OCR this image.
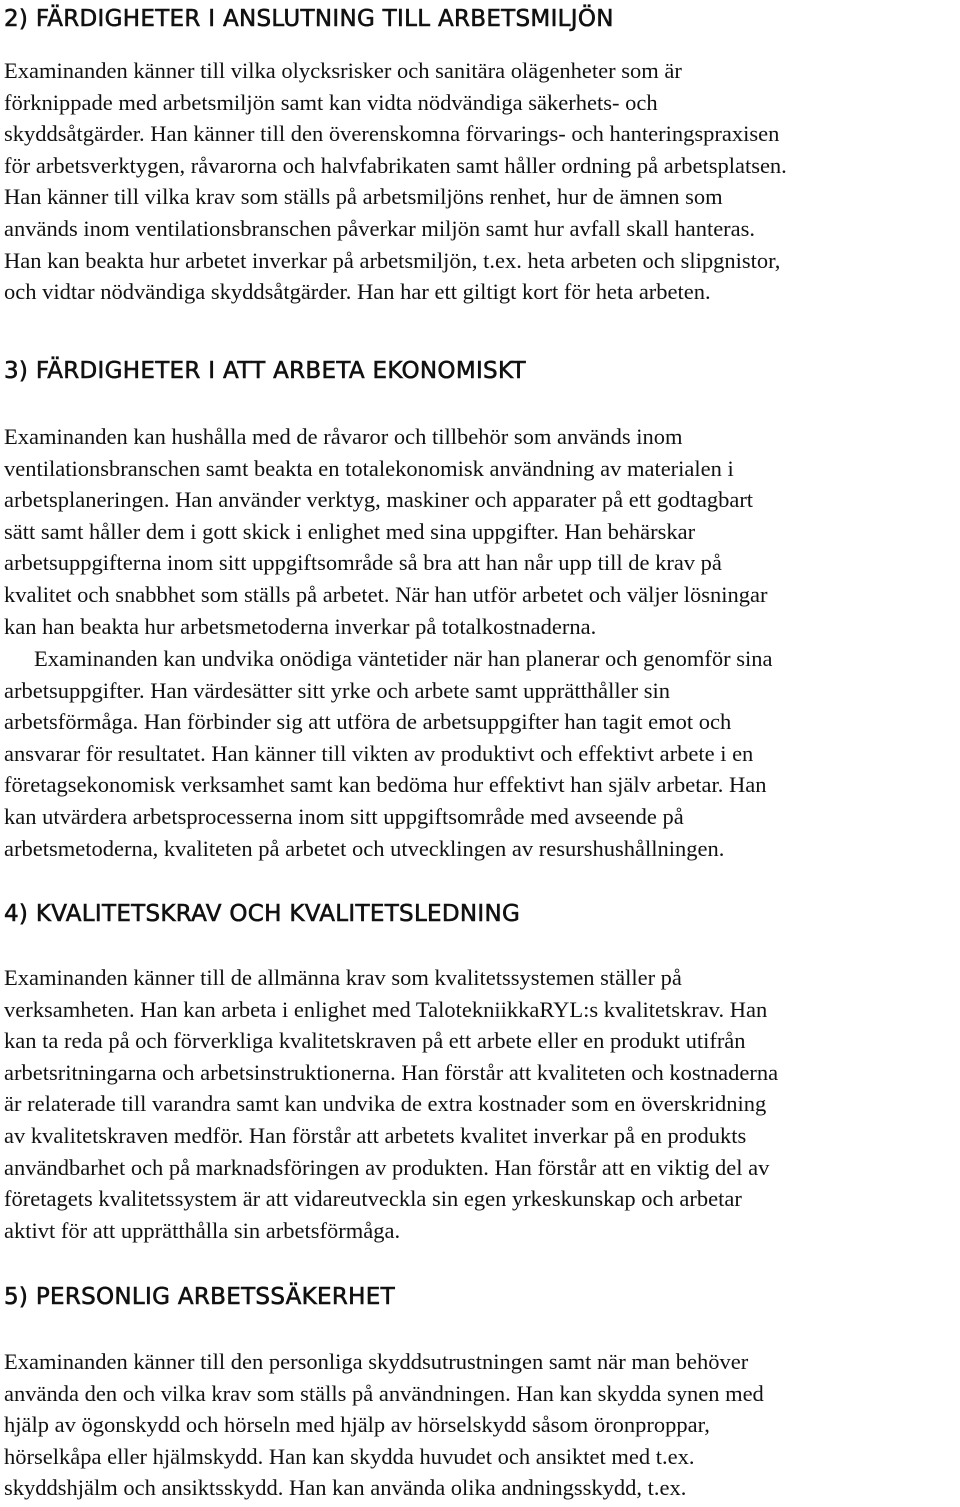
2) FÄRDIGHETER I ANSLUTNING TILL ARBETSMILJÖN

Examinanden känner till vilka olycksrisker och sanitära olägenheter som är
förknippade med arbetsmiljön samt kan vidta nödvändiga säkerhets- och
skyddsåtgärder. Han känner till den överenskomna förvarings- och hanteringspraxisen
för arbetsverktygen, råvarorna och halvfabrikaten samt håller ordning på arbetsplatsen.
Han känner till vilka krav som ställs på arbetsmiljöns renhet, hur de ämnen som
används inom ventilationsbranschen påverkar miljön samt hur avfall skall hanteras.
Han kan beakta hur arbetet inverkar på arbetsmiljön, t.ex. heta arbeten och slipgnistor,
och vidtar nödvändiga skyddsåtgärder. Han har ett giltigt kort för heta arbeten.

3) FÄRDIGHETER I ATT ARBETA EKONOMISKT

Examinanden kan hushålla med de råvaror och tillbehör som används inom
ventilationsbranschen samt beakta en totalekonomisk användning av materialen i
arbetsplaneringen. Han använder verktyg, maskiner och apparater på ett godtagbart
sätt samt håller dem i gott skick i enlighet med sina uppgifter. Han behärskar
arbetsuppgifterna inom sitt uppgiftsområde så bra att han når upp till de krav på
kvalitet och snabbhet som ställs på arbetet. När han utför arbetet och väljer lösningar
kan han beakta hur arbetsmetoderna inverkar på totalkostnaderna.

Examinanden kan undvika onödiga väntetider när han planerar och genomför sina
arbetsuppgifter. Han värdesätter sitt yrke och arbete samt upprätthåller sin
arbetsförmåga. Han förbinder sig att utföra de arbetsuppgifter han tagit emot och
ansvarar för resultatet. Han känner till vikten av produktivt och effektivt arbete i en
företagsekonomisk verksamhet samt kan bedöma hur effektivt han själv arbetar. Han
kan utvärdera arbetsprocesserna inom sitt uppgiftsområde med avseende på
arbetsmetoderna, kvaliteten på arbetet och utvecklingen av resurshushållningen.

4) KVALITETSKRAV OCH KVALITETSLEDNING

Examinanden känner till de allmänna krav som kvalitetssystemen ställer på
verksamheten. Han kan arbeta i enlighet med TalotekniikkaRYL:s kvalitetskrav. Han
kan ta reda på och förverkliga kvalitetskraven på ett arbete eller en produkt utifrån
arbetsritningarna och arbetsinstruktionerna. Han förstår att kvaliteten och kostnaderna
är relaterade till varandra samt kan undvika de extra kostnader som en överskridning
av kvalitetskraven medför. Han förstår att arbetets kvalitet inverkar på en produkts
användbarhet och på marknadsföringen av produkten. Han förstår att en viktig del av
företagets kvalitetssystem är att vidareutveckla sin egen yrkeskunskap och arbetar
aktivt för att upprätthålla sin arbetsförmåga.

5) PERSONLIG ARBETSSÄKERHET

Examinanden känner till den personliga skyddsutrustningen samt när man behöver
använda den och vilka krav som ställs på användningen. Han kan skydda synen med
hjälp av ögonskydd och hörseln med hjälp av hörselskydd såsom öronproppar,
hörselkåpa eller hjälmskydd. Han kan skydda huvudet och ansiktet med t.ex.
skyddshjälm och ansiktsskydd. Han kan använda olika andningsskydd, t.ex.
